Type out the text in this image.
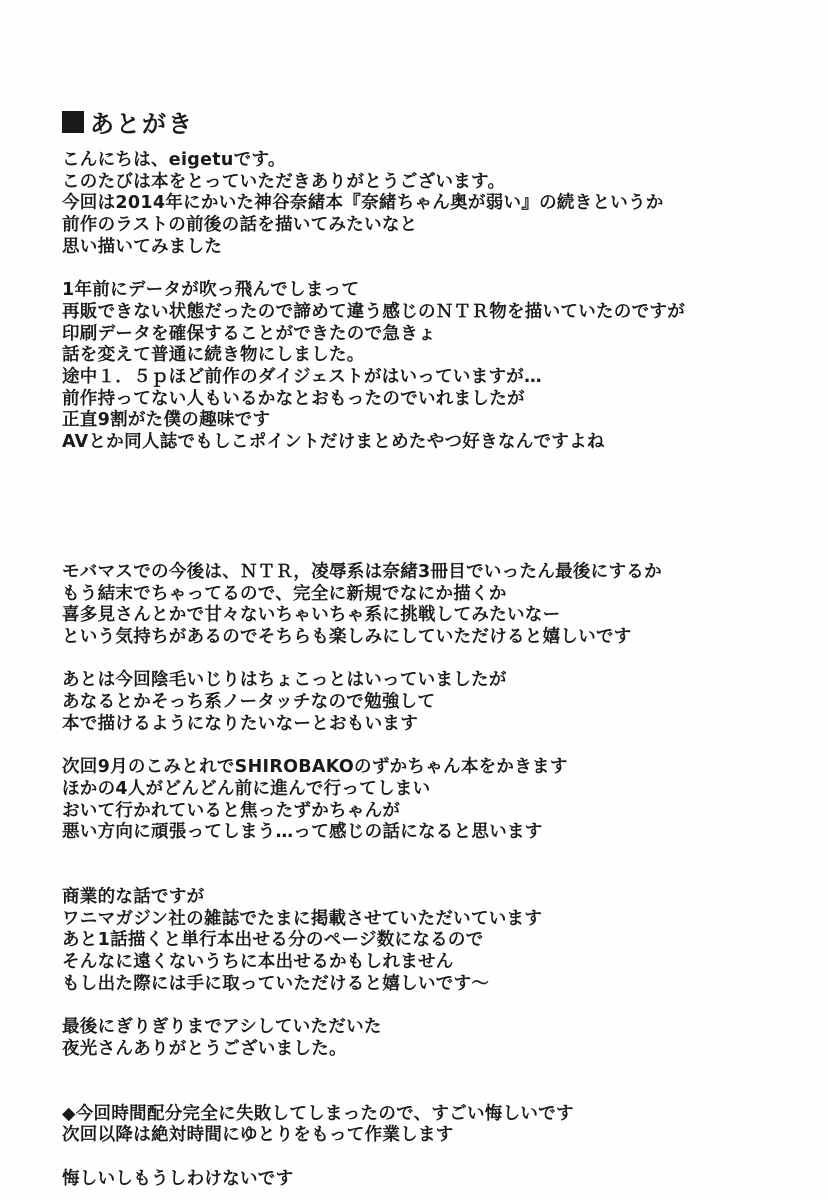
あとがき
こんにちは、eigetuです。
このたびは本をとっていただきありがとうございます。
今回は2014年にかいた神谷奈緒本『奈緒ちゃん奥が弱い』の続きというか
前作のラストの前後の話を描いてみたいなと
思い描いてみました
1年前にデータが吹っ飛んでしまって
再販できない状態だったので諦めて違う感じのＮＴＲ物を描いていたのですが
印刷データを確保することができたので急きょ
話を変えて普通に続き物にしました。
途中１．５ｐほど前作のダイジェストがはいっていますが…
前作持ってない人もいるかなとおもったのでいれましたが
正直9割がた僕の趣味です
AVとか同人誌でもしこポイントだけまとめたやつ好きなんですよね
モバマスでの今後は、ＮＴＲ，凌辱系は奈緒3冊目でいったん最後にするか
もう結末でちゃってるので、完全に新規でなにか描くか
喜多見さんとかで甘々ないちゃいちゃ系に挑戦してみたいなー
という気持ちがあるのでそちらも楽しみにしていただけると嬉しいです
あとは今回陰毛いじりはちょこっとはいっていましたが
あなるとかそっち系ノータッチなので勉強して
本で描けるようになりたいなーとおもいます
次回9月のこみとれでSHIROBAKOのずかちゃん本をかきます
ほかの4人がどんどん前に進んで行ってしまい
おいて行かれていると焦ったずかちゃんが
悪い方向に頑張ってしまう…って感じの話になると思います
商業的な話ですが
ワニマガジン社の雑誌でたまに掲載させていただいています
あと1話描くと単行本出せる分のページ数になるので
そんなに遠くないうちに本出せるかもしれません
もし出た際には手に取っていただけると嬉しいです～
最後にぎりぎりまでアシしていただいた
夜光さんありがとうございました。
◆今回時間配分完全に失敗してしまったので、すごい悔しいです
次回以降は絶対時間にゆとりをもって作業します
悔しいしもうしわけないです
